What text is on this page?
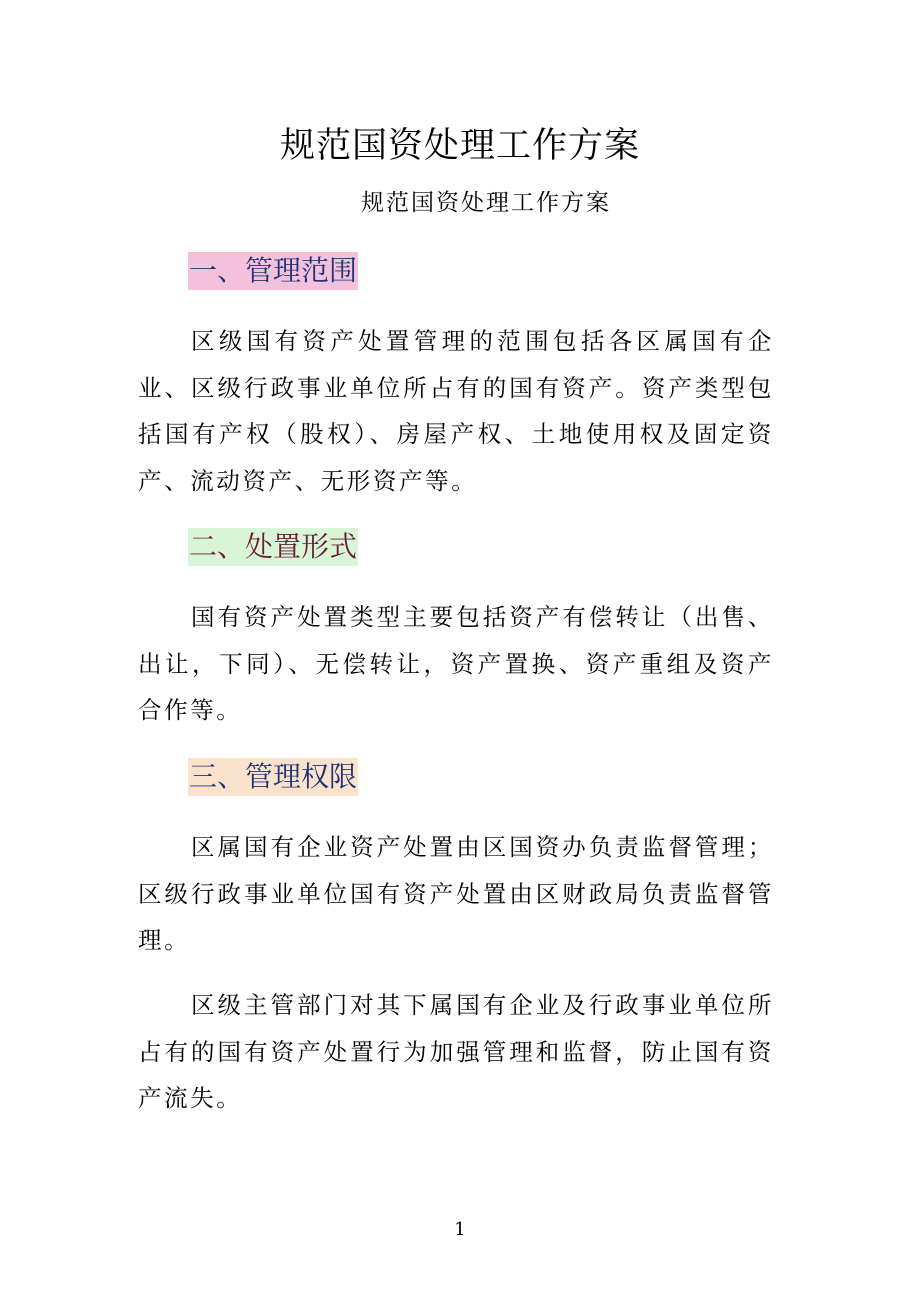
规范国资处理工作方案
规范国资处理工作方案
一、管理范围
区级国有资产处置管理的范围包括各区属国有企业、区级行政事业单位所占有的国有资产。资产类型包括国有产权（股权）、房屋产权、土地使用权及固定资产、流动资产、无形资产等。
二、处置形式
国有资产处置类型主要包括资产有偿转让（出售、出让，下同）、无偿转让，资产置换、资产重组及资产合作等。
三、管理权限
区属国有企业资产处置由区国资办负责监督管理；区级行政事业单位国有资产处置由区财政局负责监督管理。
区级主管部门对其下属国有企业及行政事业单位所占有的国有资产处置行为加强管理和监督，防止国有资产流失。
1
